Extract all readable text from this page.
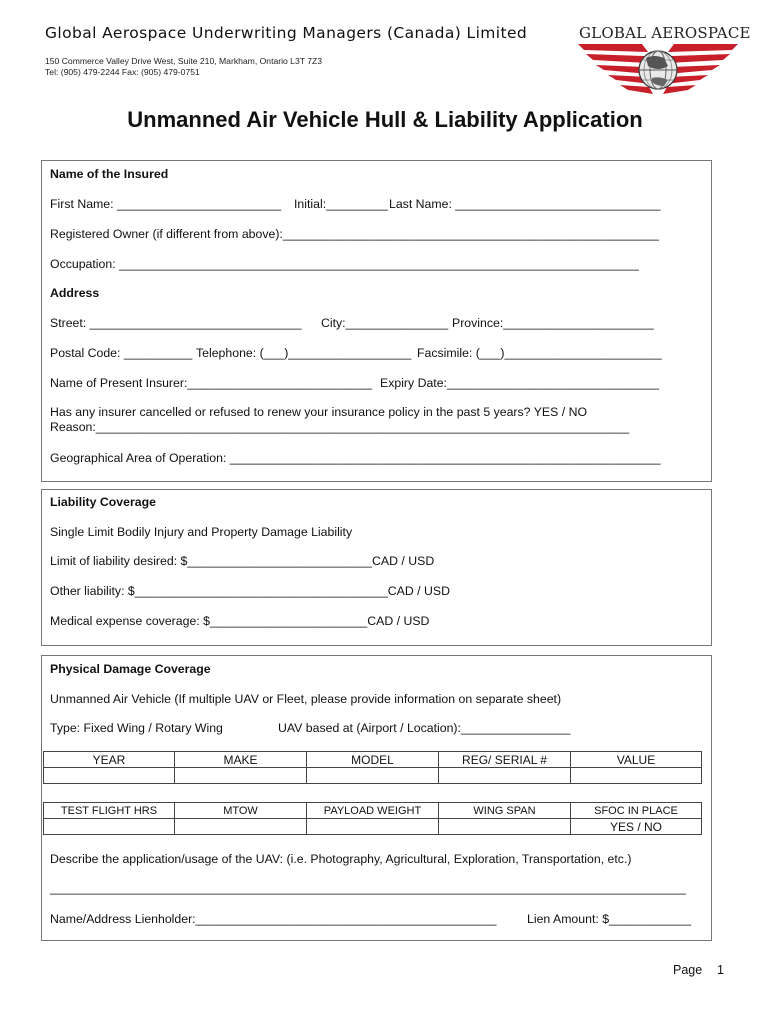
Global Aerospace Underwriting Managers (Canada) Limited
150 Commerce Valley Drive West, Suite 210, Markham, Ontario L3T 7Z3
Tel: (905) 479-2244 Fax: (905) 479-0751
GLOBAL AEROSPACE
Unmanned Air Vehicle Hull & Liability Application
Name of the Insured
First Name: ________________________ Initial:_________ Last Name: ______________________________
Registered Owner (if different from above):_______________________________________________________
Occupation: ____________________________________________________________________________
Address
Street: _______________________________ City:_______________ Province:______________________
Postal Code: __________ Telephone: (___)__________________ Facsimile: (___)_______________________
Name of Present Insurer:___________________________ Expiry Date:_______________________________
Has any insurer cancelled or refused to renew your insurance policy in the past 5 years? YES / NO
Reason:______________________________________________________________________________
Geographical Area of Operation: _______________________________________________________________
Liability Coverage
Single Limit Bodily Injury and Property Damage Liability
Limit of liability desired: $___________________________CAD / USD
Other liability: $_____________________________________CAD / USD
Medical expense coverage: $_______________________CAD / USD
Physical Damage Coverage
Unmanned Air Vehicle (If multiple UAV or Fleet, please provide information on separate sheet)
Type: Fixed Wing / Rotary Wing	UAV based at (Airport / Location):________________
YEAR	MAKE	MODEL	REG/ SERIAL #	VALUE

TEST FLIGHT HRS	MTOW	PAYLOAD WEIGHT	WING SPAN	SFOC IN PLACE
				YES / NO
Describe the application/usage of the UAV: (i.e. Photography, Agricultural, Exploration, Transportation, etc.)
_____________________________________________________________________________________________
Name/Address Lienholder:____________________________________________ Lien Amount: $____________
Page 1
